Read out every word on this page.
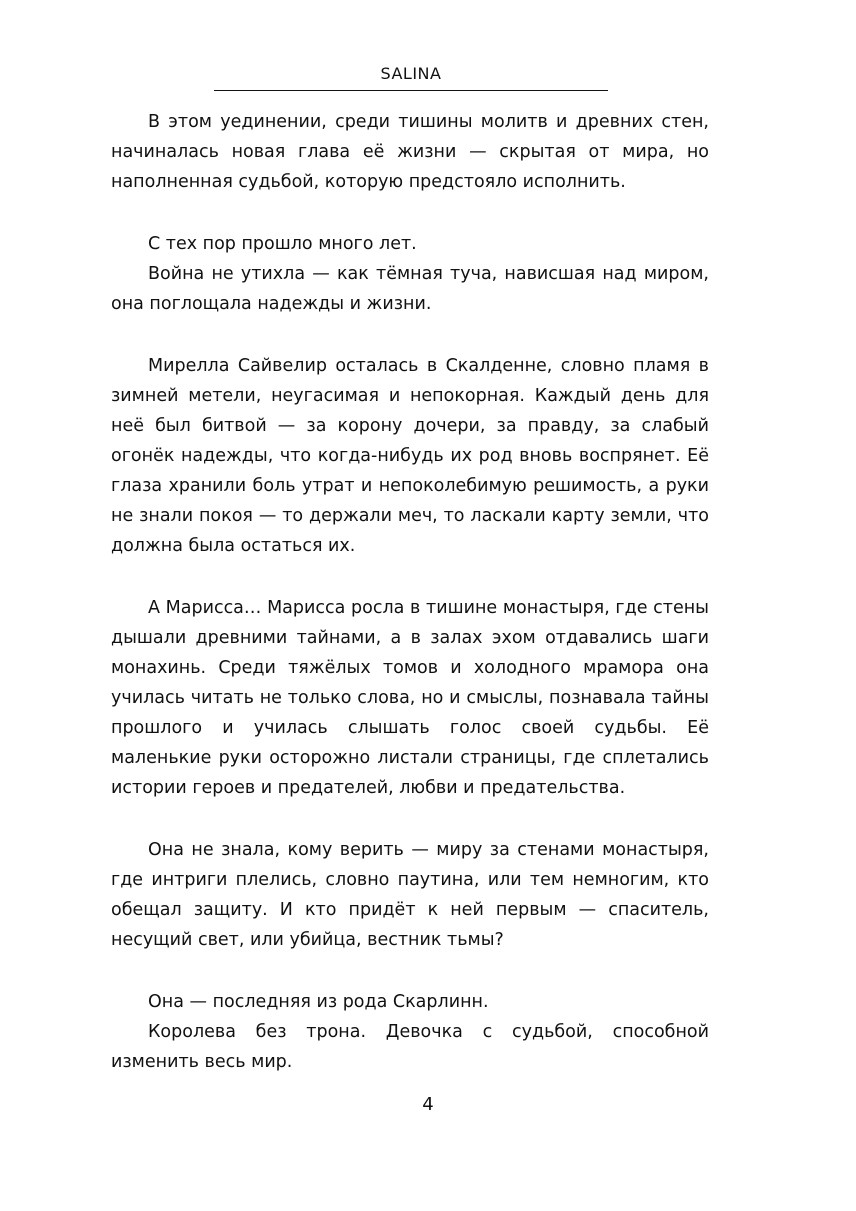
SALINA

В этом уединении, среди тишины молитв и древних стен, начиналась новая глава её жизни — скрытая от мира, но наполненная судьбой, которую предстояло исполнить.

С тех пор прошло много лет.

Война не утихла — как тёмная туча, нависшая над миром, она поглощала надежды и жизни.

Мирелла Сайвелир осталась в Скалденне, словно пламя в зимней метели, неугасимая и непокорная. Каждый день для неё был битвой — за корону дочери, за правду, за слабый огонёк надежды, что когда-нибудь их род вновь воспрянет. Её глаза хранили боль утрат и непоколебимую решимость, а руки не знали покоя — то держали меч, то ласкали карту земли, что должна была остаться их.

А Марисса… Марисса росла в тишине монастыря, где стены дышали древними тайнами, а в залах эхом отдавались шаги монахинь. Среди тяжёлых томов и холодного мрамора она училась читать не только слова, но и смыслы, познавала тайны прошлого и училась слышать голос своей судьбы. Её маленькие руки осторожно листали страницы, где сплетались истории героев и предателей, любви и предательства.

Она не знала, кому верить — миру за стенами монастыря, где интриги плелись, словно паутина, или тем немногим, кто обещал защиту. И кто придёт к ней первым — спаситель, несущий свет, или убийца, вестник тьмы?

Она — последняя из рода Скарлинн.

Королева без трона. Девочка с судьбой, способной изменить весь мир.

4
